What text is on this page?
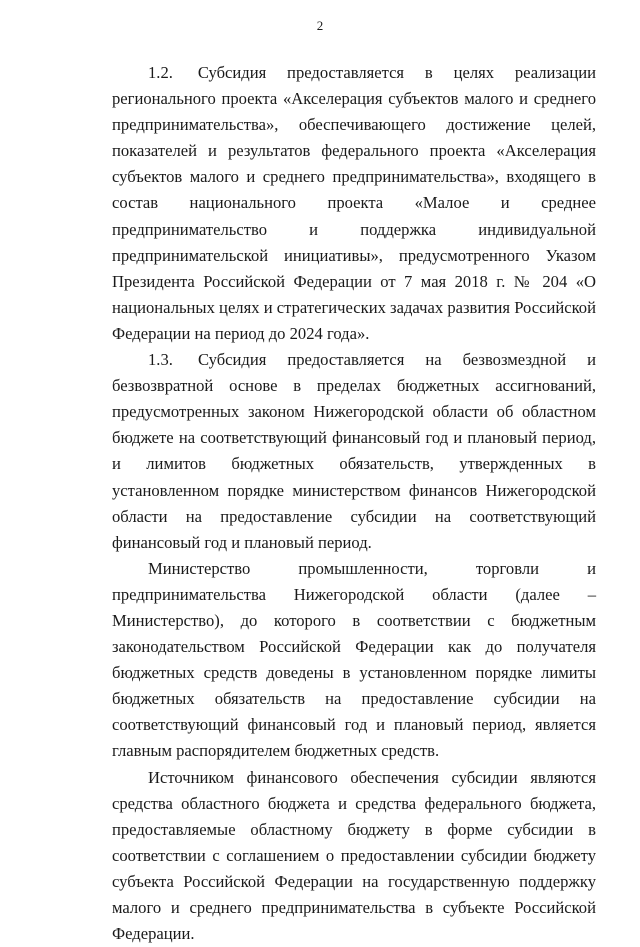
2

1.2. Субсидия предоставляется в целях реализации регионального проекта «Акселерация субъектов малого и среднего предпринимательства», обеспечивающего достижение целей, показателей и результатов федерального проекта «Акселерация субъектов малого и среднего предпринимательства», входящего в состав национального проекта «Малое и среднее предпринимательство и поддержка индивидуальной предпринимательской инициативы», предусмотренного Указом Президента Российской Федерации от 7 мая 2018 г. № 204 «О национальных целях и стратегических задачах развития Российской Федерации на период до 2024 года».

1.3. Субсидия предоставляется на безвозмездной и безвозвратной основе в пределах бюджетных ассигнований, предусмотренных законом Нижегородской области об областном бюджете на соответствующий финансовый год и плановый период, и лимитов бюджетных обязательств, утвержденных в установленном порядке министерством финансов Нижегородской области на предоставление субсидии на соответствующий финансовый год и плановый период.

Министерство промышленности, торговли и предпринимательства Нижегородской области (далее – Министерство), до которого в соответствии с бюджетным законодательством Российской Федерации как до получателя бюджетных средств доведены в установленном порядке лимиты бюджетных обязательств на предоставление субсидии на соответствующий финансовый год и плановый период, является главным распорядителем бюджетных средств.

Источником финансового обеспечения субсидии являются средства областного бюджета и средства федерального бюджета, предоставляемые областному бюджету в форме субсидии в соответствии с соглашением о предоставлении субсидии бюджету субъекта Российской Федерации на государственную поддержку малого и среднего предпринимательства в субъекте Российской Федерации.
